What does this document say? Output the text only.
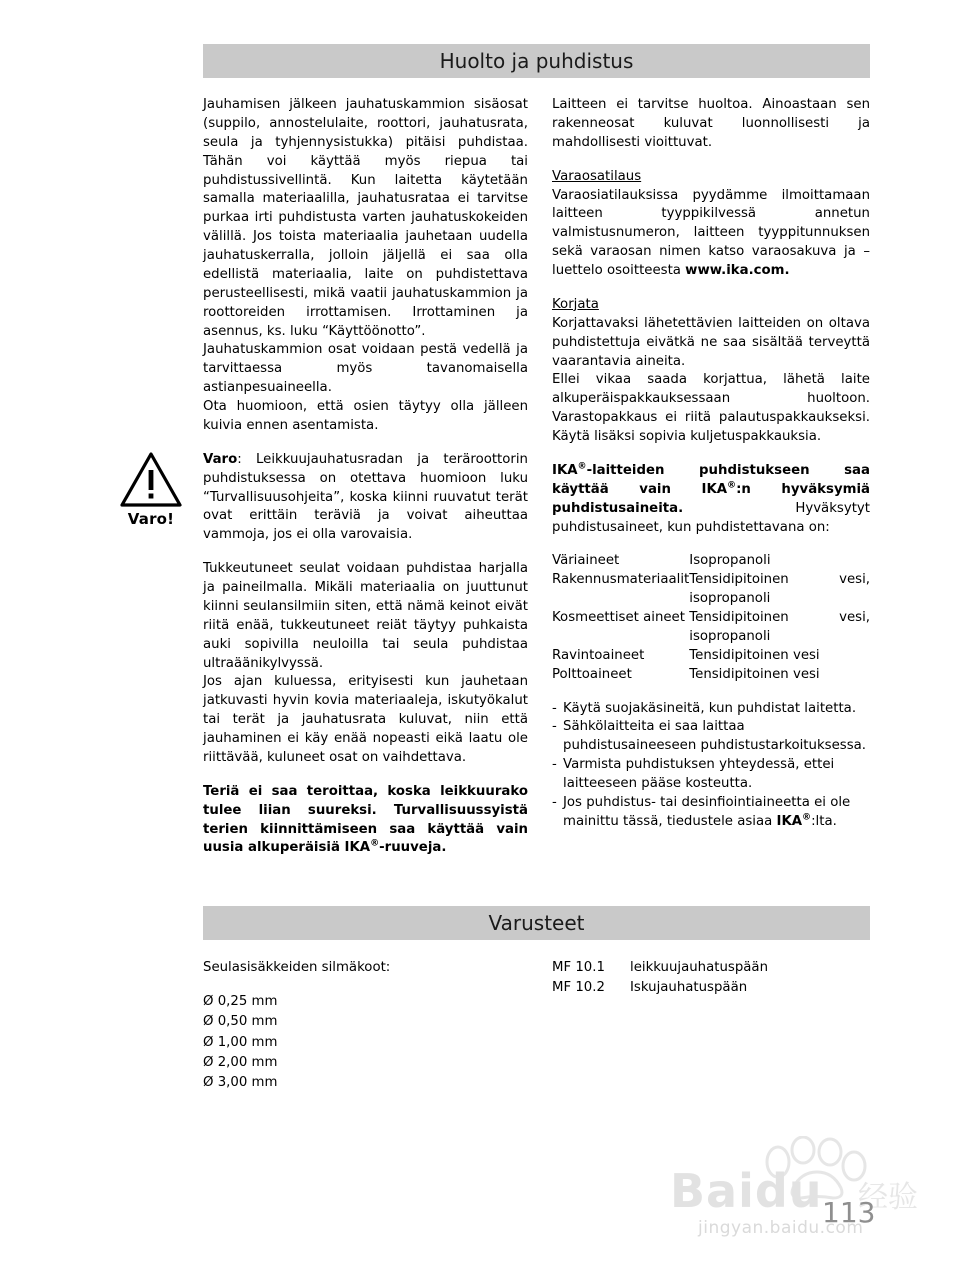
Huolto ja puhdistus
Varo!

Jauhamisen jälkeen jauhatuskammion sisäosat (suppilo, annostelulaite, roottori, jauhatusrata, seula ja tyhjennysistukka) pitäisi puhdistaa. Tähän voi käyttää myös riepua tai puhdistussivellintä. Kun laitetta käytetään samalla materiaalilla, jauhatusrataa ei tarvitse purkaa irti puhdistusta varten jauhatuskokeiden välillä. Jos toista materiaalia jauhetaan uudella jauhatuskerralla, jolloin jäljellä ei saa olla edellistä materiaalia, laite on puhdistettava perusteellisesti, mikä vaatii jauhatuskammion ja roottoreiden irrottamisen. Irrottaminen ja asennus, ks. luku “Käyttöönotto”.

Jauhatuskammion osat voidaan pestä vedellä ja tarvittaessa myös tavanomaisella astianpesuaineella.

Ota huomioon, että osien täytyy olla jälleen kuivia ennen asentamista.

Varo: Leikkuujauhatusradan ja teräroottorin puhdistuksessa on otettava huomioon luku “Turvallisuusohjeita”, koska kiinni ruuvatut terät ovat erittäin teräviä ja voivat aiheuttaa vammoja, jos ei olla varovaisia.

Tukkeutuneet seulat voidaan puhdistaa harjalla ja paineilmalla. Mikäli materiaalia on juuttunut kiinni seulansilmiin siten, että nämä keinot eivät riitä enää, tukkeutuneet reiät täytyy puhkaista auki sopivilla neuloilla tai seula puhdistaa ultraäänikylvyssä.

Jos ajan kuluessa, erityisesti kun jauhetaan jatkuvasti hyvin kovia materiaaleja, iskutyökalut tai terät ja jauhatusrata kuluvat, niin että jauhaminen ei käy enää nopeasti eikä laatu ole riittävää, kuluneet osat on vaihdettava.

Teriä ei saa teroittaa, koska leikkuurako tulee liian suureksi. Turvallisuussyistä terien kiinnittämiseen saa käyttää vain uusia alkuperäisiä IKA®-ruuveja.

Laitteen ei tarvitse huoltoa. Ainoastaan sen rakenneosat kuluvat luonnollisesti ja mahdollisesti vioittuvat.

Varaosatilaus

Varaosiatilauksissa pyydämme ilmoittamaan laitteen tyyppikilvessä annetun valmistusnumeron, laitteen tyyppitunnuksen sekä varaosan nimen katso varaosakuva ja –luettelo osoitteesta www.ika.com.

Korjata

Korjattavaksi lähetettävien laitteiden on oltava puhdistettuja eivätkä ne saa sisältää terveyttä vaarantavia aineita.

Ellei vikaa saada korjattua, lähetä laite alkuperäispakkauksessaan huoltoon. Varastopakkaus ei riitä palautuspakkaukseksi. Käytä lisäksi sopivia kuljetuspakkauksia.

IKA®-laitteiden puhdistukseen saa käyttää vain IKA®:n hyväksymiä puhdistusaineita. Hyväksytyt puhdistusaineet, kun puhdistettavana on:

Väriaineet	Isopropanoli
Rakennusmateriaalit	Tensidipitoinen vesi, isopropanoli
Kosmeettiset aineet	Tensidipitoinen vesi, isopropanoli
Ravintoaineet	Tensidipitoinen vesi
Polttoaineet	Tensidipitoinen vesi
- Käytä suojakäsineitä, kun puhdistat laitetta.
- Sähkölaitteita ei saa laittaa puhdistusaineeseen puhdistustarkoituksessa.
- Varmista puhdistuksen yhteydessä, ettei laitteeseen pääse kosteutta.
- Jos puhdistus- tai desinfiointiaineetta ei ole mainittu tässä, tiedustele asiaa IKA®:lta.
Varusteet
Seulasisäkkeiden silmäkoot:
Ø 0,25 mm
Ø 0,50 mm
Ø 1,00 mm
Ø 2,00 mm
Ø 3,00 mm
MF 10.1	leikkuujauhatuspään
MF 10.2	Iskujauhatuspään
Baidu 经验
jingyan.baidu.com
113
